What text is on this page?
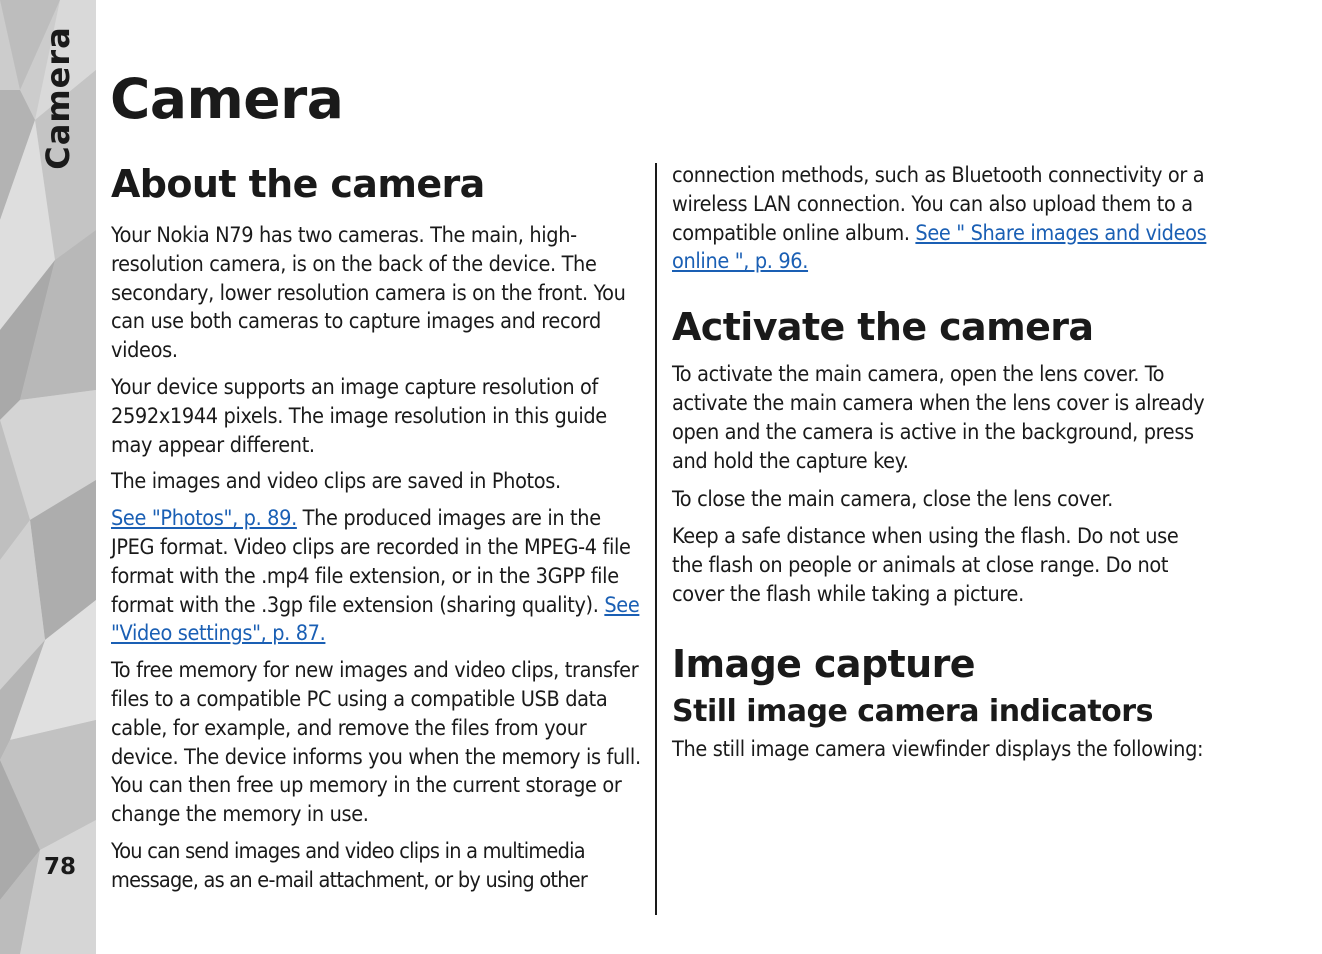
Camera
78
Camera
About the camera

Your Nokia N79 has two cameras. The main, high-resolution camera, is on the back of the device. The secondary, lower resolution camera is on the front. You can use both cameras to capture images and record videos.

Your device supports an image capture resolution of 2592x1944 pixels. The image resolution in this guide may appear different.

The images and video clips are saved in Photos.

See "Photos", p. 89. The produced images are in the JPEG format. Video clips are recorded in the MPEG-4 file format with the .mp4 file extension, or in the 3GPP file format with the .3gp file extension (sharing quality). See "Video settings", p. 87.

To free memory for new images and video clips, transfer files to a compatible PC using a compatible USB data cable, for example, and remove the files from your device. The device informs you when the memory is full. You can then free up memory in the current storage or change the memory in use.

You can send images and video clips in a multimedia message, as an e-mail attachment, or by using other

connection methods, such as Bluetooth connectivity or a wireless LAN connection. You can also upload them to a compatible online album. See " Share images and videos online ", p. 96.

Activate the camera

To activate the main camera, open the lens cover. To activate the main camera when the lens cover is already open and the camera is active in the background, press and hold the capture key.

To close the main camera, close the lens cover.

Keep a safe distance when using the flash. Do not use the flash on people or animals at close range. Do not cover the flash while taking a picture.

Image capture
Still image camera indicators

The still image camera viewfinder displays the following:
